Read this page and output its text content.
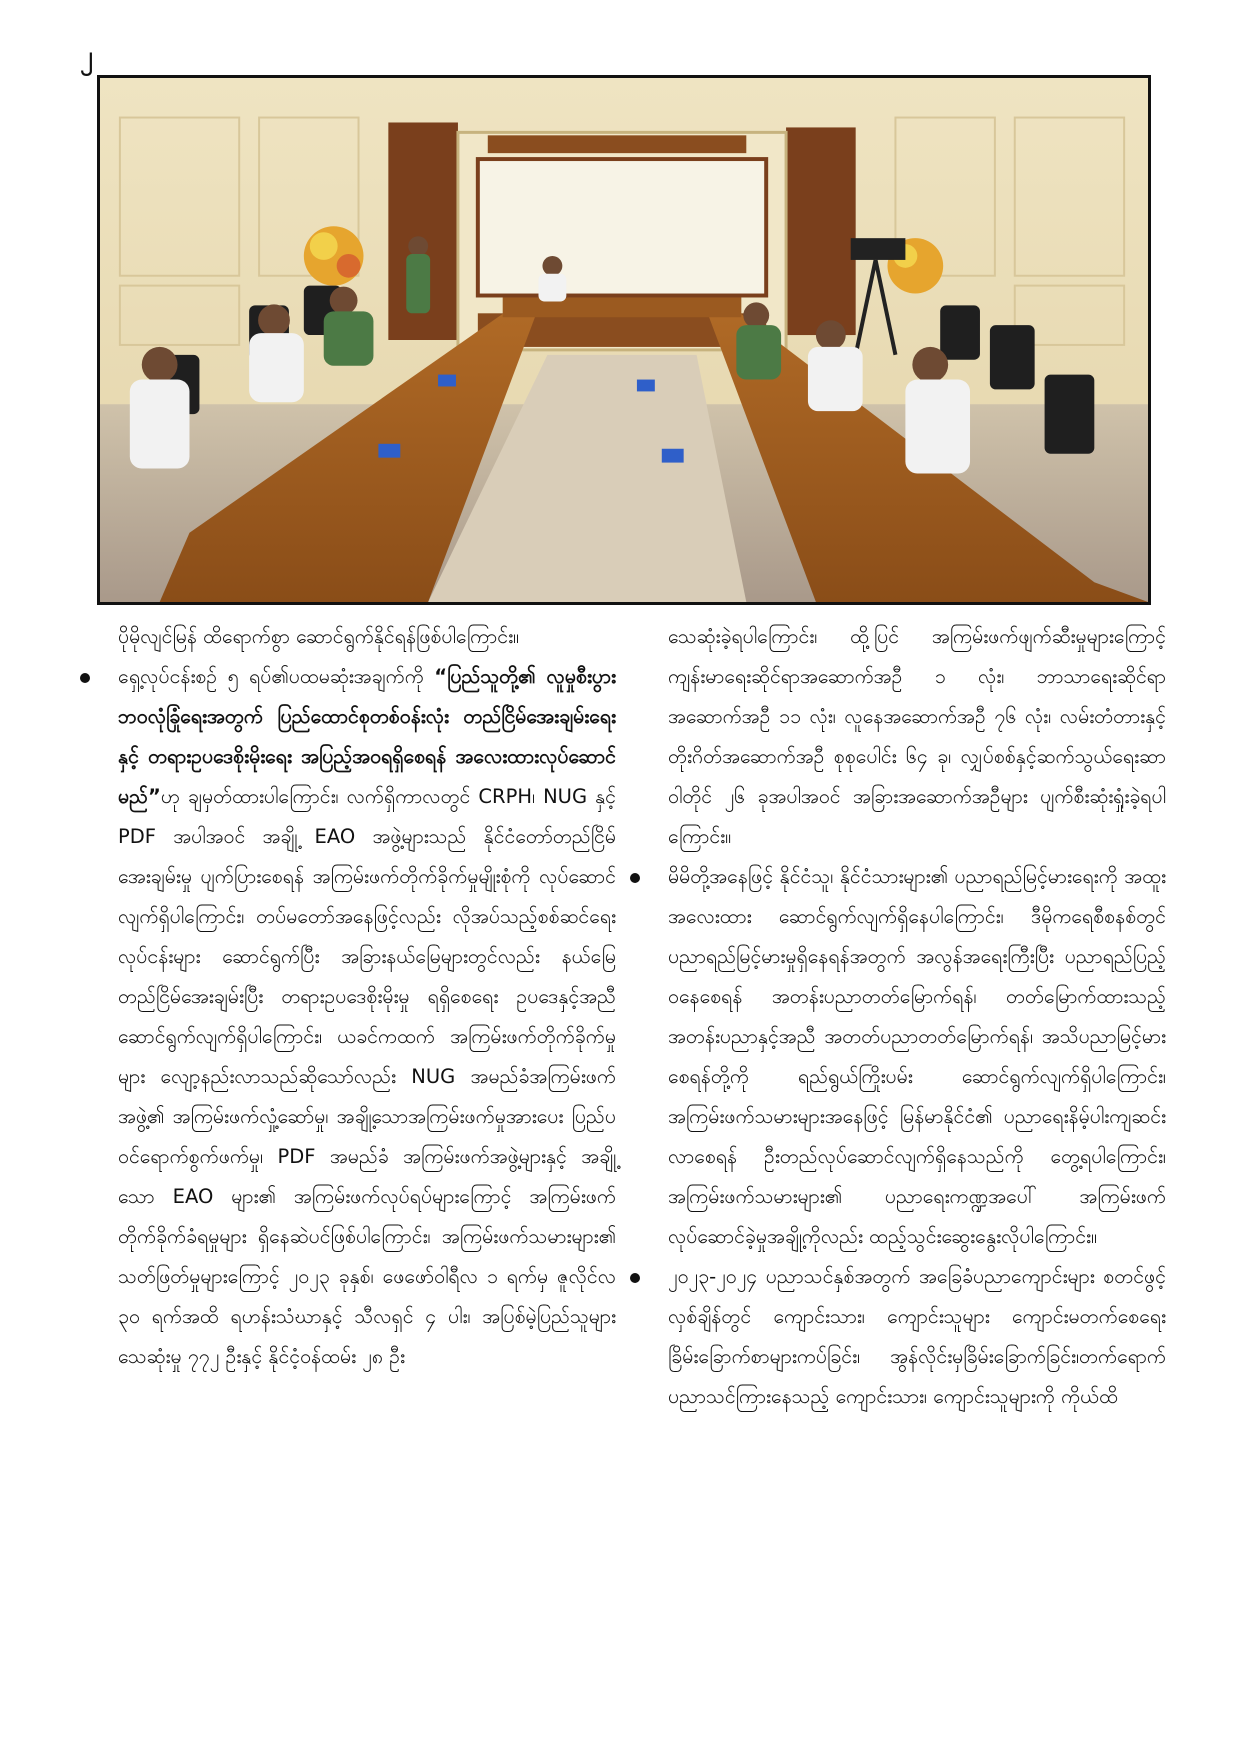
၂

ပိုမိုလျင်မြန် ထိရောက်စွာ ဆောင်ရွက်နိုင်ရန်ဖြစ်ပါကြောင်း။

ရှေ့လုပ်ငန်းစဉ် ၅ ရပ်၏ပထမဆုံးအချက်ကို “ပြည်သူတို့၏ လူမှုစီးပွားဘဝလုံခြုံရေးအတွက် ပြည်ထောင်စုတစ်ဝန်းလုံး တည်ငြိမ်အေးချမ်းရေးနှင့် တရားဥပဒေစိုးမိုးရေး အပြည့်အဝရရှိစေရန် အလေးထားလုပ်ဆောင်မည်”ဟု ချမှတ်ထားပါကြောင်း၊ လက်ရှိကာလတွင် CRPH၊ NUG နှင့် PDF အပါအဝင် အချို့ EAO အဖွဲ့များသည် နိုင်ငံတော်တည်ငြိမ်အေးချမ်းမှု ပျက်ပြားစေရန် အကြမ်းဖက်တိုက်ခိုက်မှုမျိုးစုံကို လုပ်ဆောင်လျက်ရှိပါကြောင်း၊ တပ်မတော်အနေဖြင့်လည်း လိုအပ်သည့်စစ်ဆင်ရေးလုပ်ငန်းများ ဆောင်ရွက်ပြီး အခြားနယ်မြေများတွင်လည်း နယ်မြေတည်ငြိမ်အေးချမ်းပြီး တရားဥပဒေစိုးမိုးမှု ရရှိစေရေး ဥပဒေနှင့်အညီ ဆောင်ရွက်လျက်ရှိပါကြောင်း၊ ယခင်ကထက် အကြမ်းဖက်တိုက်ခိုက်မှုများ လျော့နည်းလာသည်ဆိုသော်လည်း NUG အမည်ခံအကြမ်းဖက်အဖွဲ့၏ အကြမ်းဖက်လှုံ့ဆော်မှု၊ အချို့သောအကြမ်းဖက်မှုအားပေး ပြည်ပဝင်ရောက်စွက်ဖက်မှု၊ PDF အမည်ခံ အကြမ်းဖက်အဖွဲ့များနှင့် အချို့သော EAO များ၏ အကြမ်းဖက်လုပ်ရပ်များကြောင့် အကြမ်းဖက်တိုက်ခိုက်ခံရမှုများ ရှိနေဆဲပင်ဖြစ်ပါကြောင်း၊ အကြမ်းဖက်သမားများ၏ သတ်ဖြတ်မှုများကြောင့် ၂၀၂၃ ခုနှစ်၊ ဖေဖော်ဝါရီလ ၁ ရက်မှ ဇူလိုင်လ ၃၀ ရက်အထိ ရဟန်းသံဃာနှင့် သီလရှင် ၄ ပါး၊ အပြစ်မဲ့ပြည်သူများသေဆုံးမှု ၇၇၂ ဦးနှင့် နိုင်ငံ့ဝန်ထမ်း ၂၈ ဦး

သေဆုံးခဲ့ရပါကြောင်း၊ ထို့ပြင် အကြမ်းဖက်ဖျက်ဆီးမှုများကြောင့် ကျန်းမာရေးဆိုင်ရာအဆောက်အဦ ၁ လုံး၊ ဘာသာရေးဆိုင်ရာအဆောက်အဦ ၁၁ လုံး၊ လူနေအဆောက်အဦ ၇၆ လုံး၊ လမ်းတံတားနှင့် တိုးဂိတ်အဆောက်အဦ စုစုပေါင်း ၆၄ ခု၊ လျှပ်စစ်နှင့်ဆက်သွယ်ရေးဆာဝါတိုင် ၂၆ ခုအပါအဝင် အခြားအဆောက်အဦများ ပျက်စီးဆုံးရှုံးခဲ့ရပါကြောင်း။

မိမိတို့အနေဖြင့် နိုင်ငံသူ၊ နိုင်ငံသားများ၏ ပညာရည်မြင့်မားရေးကို အထူးအလေးထား ဆောင်ရွက်လျက်ရှိနေပါကြောင်း၊ ဒီမိုကရေစီစနစ်တွင် ပညာရည်မြင့်မားမှုရှိနေရန်အတွက် အလွန်အရေးကြီးပြီး ပညာရည်ပြည့်ဝနေစေရန် အတန်းပညာတတ်မြောက်ရန်၊ တတ်မြောက်ထားသည့်အတန်းပညာနှင့်အညီ အတတ်ပညာတတ်မြောက်ရန်၊ အသိပညာမြင့်မားစေရန်တို့ကို ရည်ရွယ်ကြိုးပမ်း ဆောင်ရွက်လျက်ရှိပါကြောင်း၊ အကြမ်းဖက်သမားများအနေဖြင့် မြန်မာနိုင်ငံ၏ ပညာရေးနိမ့်ပါးကျဆင်းလာစေရန် ဦးတည်လုပ်ဆောင်လျက်ရှိနေသည်ကို တွေ့ရပါကြောင်း၊ အကြမ်းဖက်သမားများ၏ ပညာရေးကဏ္ဍအပေါ် အကြမ်းဖက်လုပ်ဆောင်ခဲ့မှုအချို့ကိုလည်း ထည့်သွင်းဆွေးနွေးလိုပါကြောင်း။

၂၀၂၃-၂၀၂၄ ပညာသင်နှစ်အတွက် အခြေခံပညာကျောင်းများ စတင်ဖွင့်လှစ်ချိန်တွင် ကျောင်းသား၊ ကျောင်းသူများ ကျောင်းမတက်စေရေး ခြိမ်းခြောက်စာများကပ်ခြင်း၊ အွန်လိုင်းမှခြိမ်းခြောက်ခြင်း၊တက်ရောက်ပညာသင်ကြားနေသည့် ကျောင်းသား၊ ကျောင်းသူများကို ကိုယ်ထိ
